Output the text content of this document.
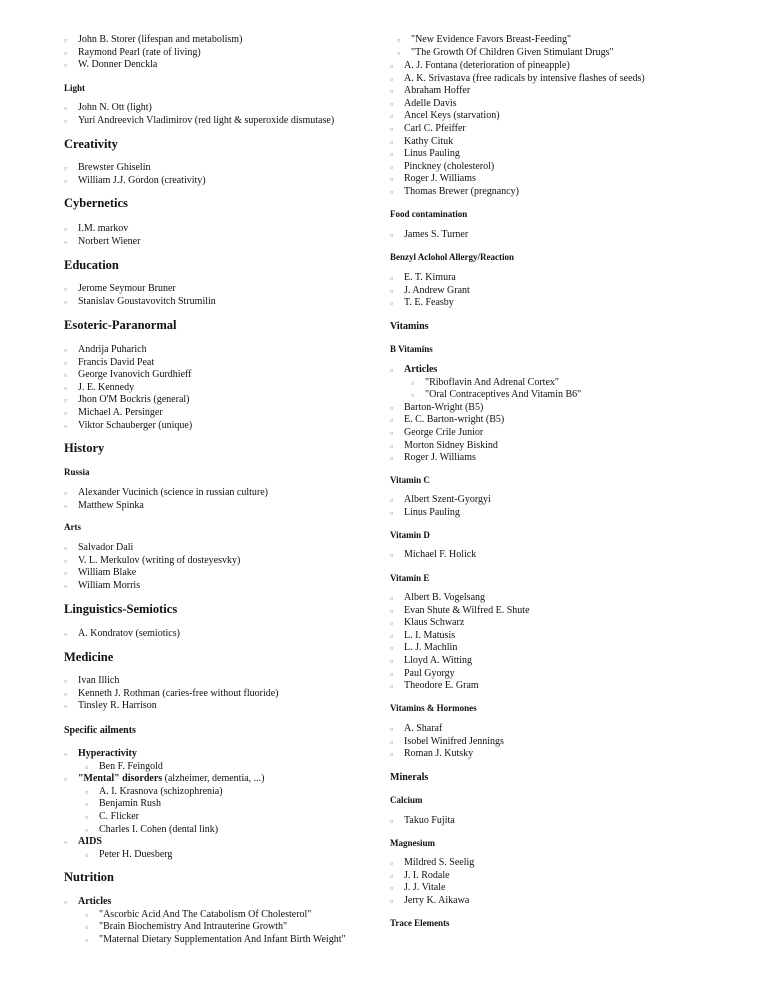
▫ John B. Storer (lifespan and metabolism)
▫ Raymond Pearl (rate of living)
▫ W. Donner Denckla
Light
▫ John N. Ott (light)
▫ Yuri Andreevich Vladimirov (red light & superoxide dismutase)
Creativity
▫ Brewster Ghiselin
▫ William J.J. Gordon (creativity)
Cybernetics
▫ I.M. markov
▫ Norbert Wiener
Education
▫ Jerome Seymour Bruner
▫ Stanislav Goustavovitch Strumilin
Esoteric-Paranormal
▫ Andrija Puharich
▫ Francis David Peat
▫ George Ivanovich Gurdhieff
▫ J. E. Kennedy
▫ Jhon O'M Bockris (general)
▫ Michael A. Persinger
▫ Viktor Schauberger (unique)
History
Russia
▫ Alexander Vucinich (science in russian culture)
▫ Matthew Spinka
Arts
▫ Salvador Dali
▫ V. L. Merkulov (writing of dosteyesvky)
▫ William Blake
▫ William Morris
Linguistics-Semiotics
▫ A. Kondratov (semiotics)
Medicine
▫ Ivan Illich
▫ Kenneth J. Rothman (caries-free without fluoride)
▫ Tinsley R. Harrison
Specific ailments
▫ Hyperactivity
▫ Ben F. Feingold
▫ "Mental" disorders (alzheimer, dementia, ...)
▫ A. I. Krasnova (schizophrenia)
▫ Benjamin Rush
▫ C. Flicker
▫ Charles I. Cohen (dental link)
▫ AIDS
▫ Peter H. Duesberg
Nutrition
▫ Articles
▫ "Ascorbic Acid And The Catabolism Of Cholesterol"
▫ "Brain Biochemistry And Intrauterine Growth"
▫ "Maternal Dietary Supplementation And Infant Birth Weight"
▫ "New Evidence Favors Breast-Feeding"
▫ "The Growth Of Children Given Stimulant Drugs"
▫ A. J. Fontana (deterioration of pineapple)
▫ A. K. Srivastava (free radicals by intensive flashes of seeds)
▫ Abraham Hoffer
▫ Adelle Davis
▫ Ancel Keys (starvation)
▫ Carl C. Pfeiffer
▫ Kathy Cituk
▫ Linus Pauling
▫ Pinckney (cholesterol)
▫ Roger J. Williams
▫ Thomas Brewer (pregnancy)
Food contamination
▫ James S. Turner
Benzyl Aclohol Allergy/Reaction
▫ E. T. Kimura
▫ J. Andrew Grant
▫ T. E. Feasby
Vitamins
B Vitamins
▫ Articles
▫ "Riboflavin And Adrenal Cortex"
▫ "Oral Contraceptives And Vitamin B6"
▫ Barton-Wright (B5)
▫ E. C. Barton-wright (B5)
▫ George Crile Junior
▫ Morton Sidney Biskind
▫ Roger J. Williams
Vitamin C
▫ Albert Szent-Gyorgyi
▫ Linus Pauling
Vitamin D
▫ Michael F. Holick
Vitamin E
▫ Albert B. Vogelsang
▫ Evan Shute & Wilfred E. Shute
▫ Klaus Schwarz
▫ L. I. Matusis
▫ L. J. Machlin
▫ Lloyd A. Witting
▫ Paul Gyorgy
▫ Theodore E. Gram
Vitamins & Hormones
▫ A. Sharaf
▫ Isobel Winifred Jennings
▫ Roman J. Kutsky
Minerals
Calcium
▫ Takuo Fujita
Magnesium
▫ Mildred S. Seelig
▫ J. I. Rodale
▫ J. J. Vitale
▫ Jerry K. Aikawa
Trace Elements
